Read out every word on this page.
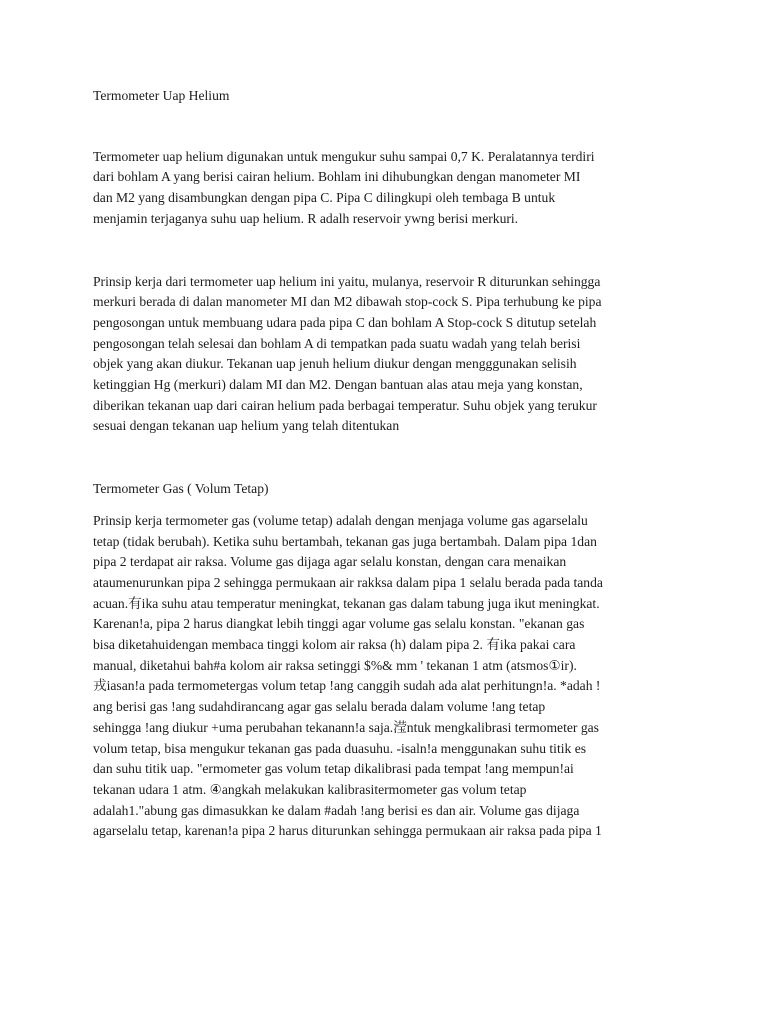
Termometer Uap Helium

Termometer uap helium digunakan untuk mengukur suhu sampai 0,7 K. Peralatannya terdiri
dari bohlam A yang berisi cairan helium. Bohlam ini dihubungkan dengan manometer MI
dan M2 yang disambungkan dengan pipa C. Pipa C dilingkupi oleh tembaga B untuk
menjamin terjaganya suhu uap helium. R adalh reservoir ywng berisi merkuri.

Prinsip kerja dari termometer uap helium ini yaitu, mulanya, reservoir R diturunkan sehingga
merkuri berada di dalan manometer MI dan M2 dibawah stop-cock S. Pipa terhubung ke pipa
pengosongan untuk membuang udara pada pipa C dan bohlam A Stop-cock S ditutup setelah
pengosongan telah selesai dan bohlam A di tempatkan pada suatu wadah yang telah berisi
objek yang akan diukur. Tekanan uap jenuh helium diukur dengan mengggunakan selisih
ketinggian Hg (merkuri) dalam MI dan M2. Dengan bantuan alas atau meja yang konstan,
diberikan tekanan uap dari cairan helium pada berbagai temperatur. Suhu objek yang terukur
sesuai dengan tekanan uap helium yang telah ditentukan

Termometer Gas ( Volum Tetap)

Prinsip kerja termometer gas (volume tetap) adalah dengan menjaga volume gas agarselalu
tetap (tidak berubah). Ketika suhu bertambah, tekanan gas juga bertambah. Dalam pipa 1dan
pipa 2 terdapat air raksa. Volume gas dijaga agar selalu konstan, dengan cara menaikan
ataumenurunkan pipa 2 sehingga permukaan air rakksa dalam pipa 1 selalu berada pada tanda
acuan.有ika suhu atau temperatur meningkat, tekanan gas dalam tabung juga ikut meningkat.
Karenan!a, pipa 2 harus diangkat lebih tinggi agar volume gas selalu konstan. "ekanan gas
bisa diketahuidengan membaca tinggi kolom air raksa (h) dalam pipa 2. 有ika pakai cara
manual, diketahui bah#a kolom air raksa setinggi $%& mm ' tekanan 1 atm (atsmos①ir).
戎iasan!a pada termometergas volum tetap !ang canggih sudah ada alat perhitungn!a. *adah !
ang berisi gas !ang sudahdirancang agar gas selalu berada dalam volume !ang tetap
sehingga !ang diukur +uma perubahan tekanann!a saja.滢ntuk mengkalibrasi termometer gas
volum tetap, bisa mengukur tekanan gas pada duasuhu. -isaln!a menggunakan suhu titik es
dan suhu titik uap. "ermometer gas volum tetap dikalibrasi pada tempat !ang mempun!ai
tekanan udara 1 atm. ④angkah melakukan kalibrasitermometer gas volum tetap
adalah1."abung gas dimasukkan ke dalam #adah !ang berisi es dan air. Volume gas dijaga
agarselalu tetap, karenan!a pipa 2 harus diturunkan sehingga permukaan air raksa pada pipa 1
